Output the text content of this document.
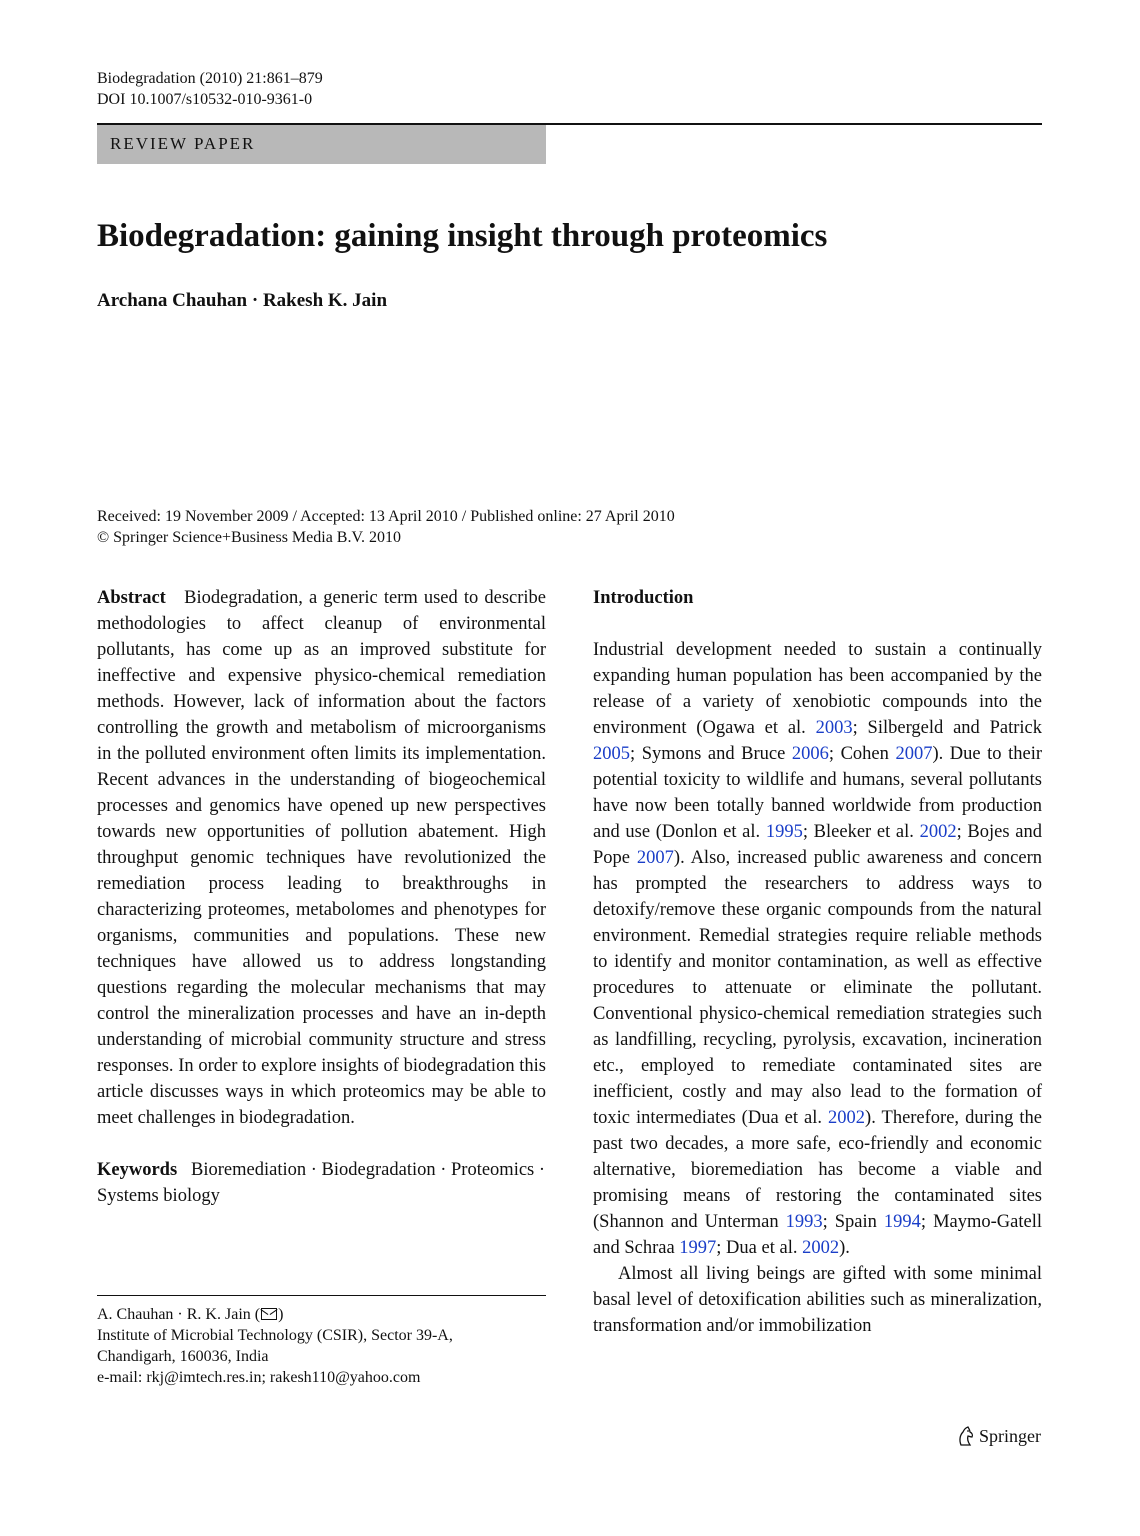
Biodegradation (2010) 21:861–879
DOI 10.1007/s10532-010-9361-0
REVIEW PAPER
Biodegradation: gaining insight through proteomics
Archana Chauhan · Rakesh K. Jain
Received: 19 November 2009 / Accepted: 13 April 2010 / Published online: 27 April 2010
© Springer Science+Business Media B.V. 2010

Abstract Biodegradation, a generic term used to describe methodologies to affect cleanup of environmental pollutants, has come up as an improved substitute for ineffective and expensive physico-chemical remediation methods. However, lack of information about the factors controlling the growth and metabolism of microorganisms in the polluted environment often limits its implementation. Recent advances in the understanding of biogeochemical processes and genomics have opened up new perspectives towards new opportunities of pollution abatement. High throughput genomic techniques have revolutionized the remediation process leading to breakthroughs in characterizing proteomes, metabolomes and phenotypes for organisms, communities and populations. These new techniques have allowed us to address longstanding questions regarding the molecular mechanisms that may control the mineralization processes and have an in-depth understanding of microbial community structure and stress responses. In order to explore insights of biodegradation this article discusses ways in which proteomics may be able to meet challenges in biodegradation.

Keywords Bioremediation · Biodegradation · Proteomics · Systems biology

A. Chauhan · R. K. Jain ( )
Institute of Microbial Technology (CSIR), Sector 39-A,
Chandigarh, 160036, India
e-mail: rkj@imtech.res.in; rakesh110@yahoo.com

Introduction

Industrial development needed to sustain a continually expanding human population has been accompanied by the release of a variety of xenobiotic compounds into the environment (Ogawa et al. 2003; Silbergeld and Patrick 2005; Symons and Bruce 2006; Cohen 2007). Due to their potential toxicity to wildlife and humans, several pollutants have now been totally banned worldwide from production and use (Donlon et al. 1995; Bleeker et al. 2002; Bojes and Pope 2007). Also, increased public awareness and concern has prompted the researchers to address ways to detoxify/remove these organic compounds from the natural environment. Remedial strategies require reliable methods to identify and monitor contamination, as well as effective procedures to attenuate or eliminate the pollutant. Conventional physico-chemical remediation strategies such as landfilling, recycling, pyrolysis, excavation, incineration etc., employed to remediate contaminated sites are inefficient, costly and may also lead to the formation of toxic intermediates (Dua et al. 2002). Therefore, during the past two decades, a more safe, eco-friendly and economic alternative, bioremediation has become a viable and promising means of restoring the contaminated sites (Shannon and Unterman 1993; Spain 1994; Maymo-Gatell and Schraa 1997; Dua et al. 2002).

Almost all living beings are gifted with some minimal basal level of detoxification abilities such as mineralization, transformation and/or immobilization

Springer
